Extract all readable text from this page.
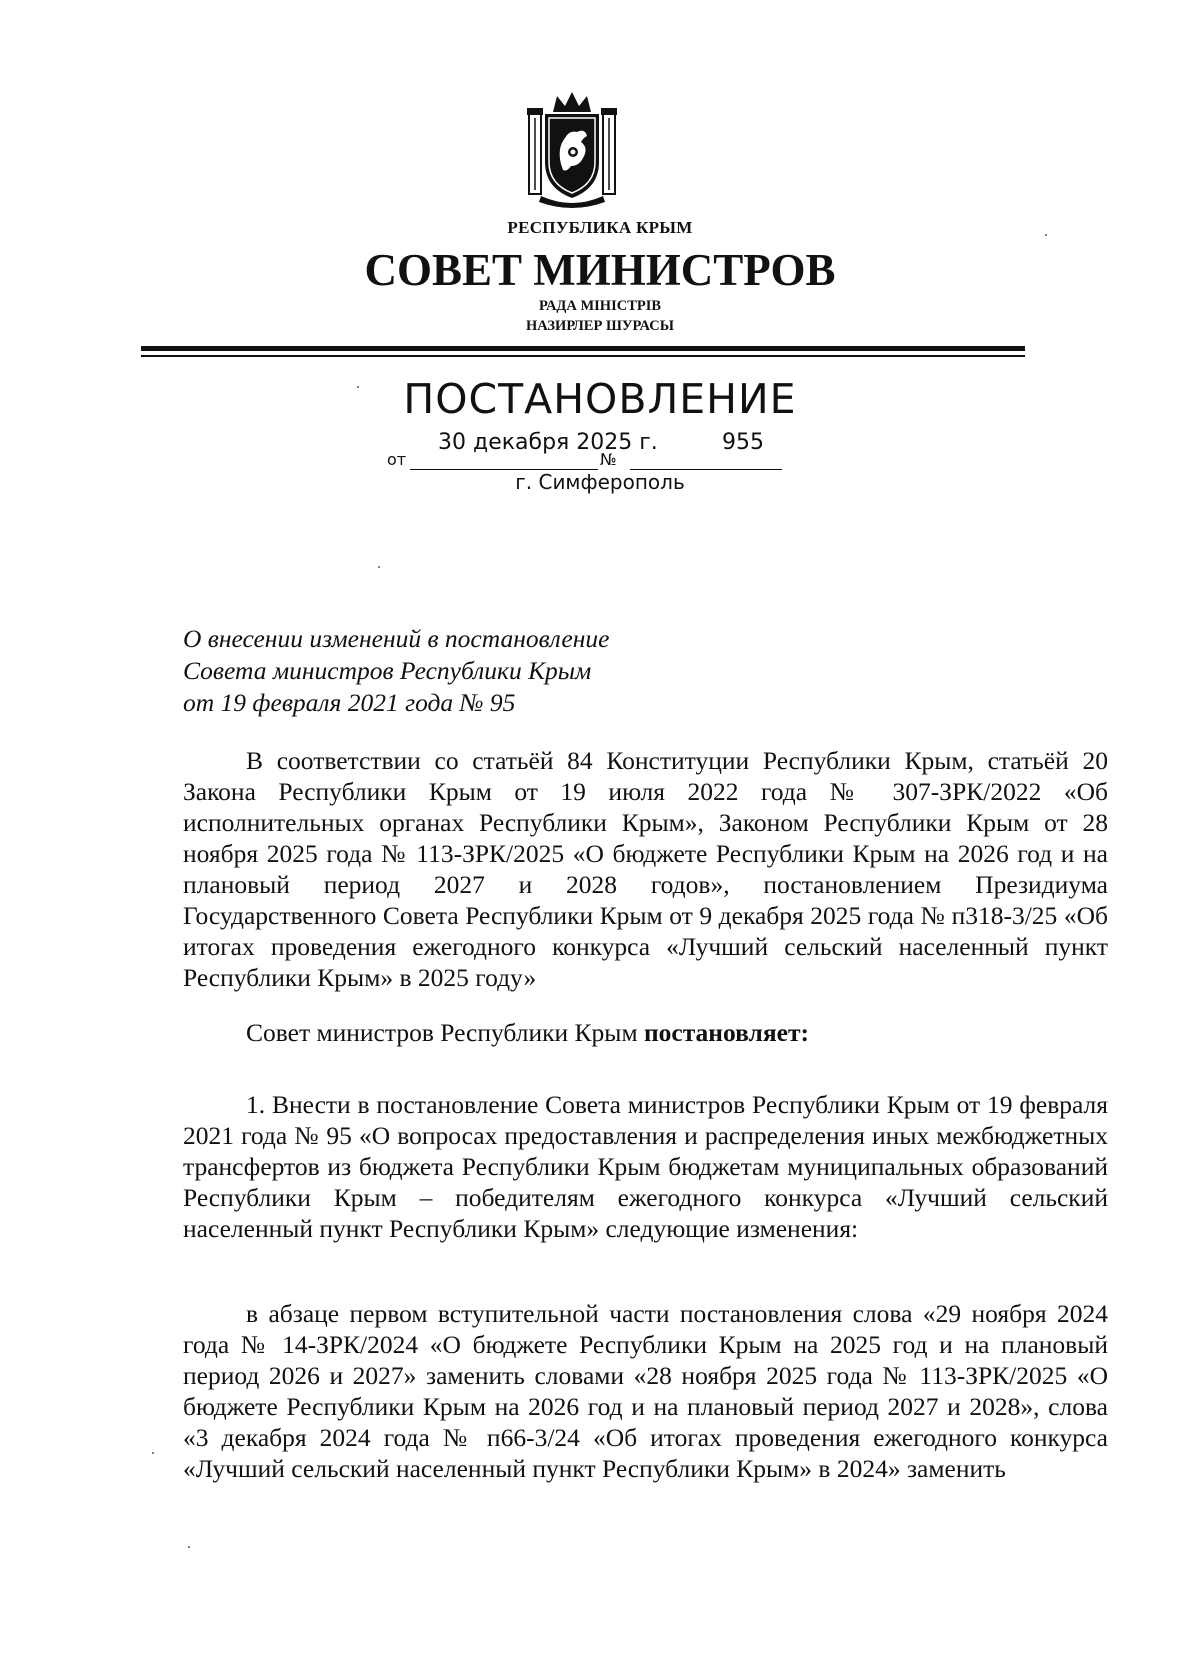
РЕСПУБЛИКА КРЫМ
СОВЕТ МИНИСТРОВ
РАДА МІНІСТРІВ
НАЗИРЛЕР ШУРАСЫ
ПОСТАНОВЛЕНИЕ
от
30 декабря 2025 г.
№
955
г. Симферополь
О внесении изменений в постановление
Совета министров Республики Крым
от 19 февраля 2021 года № 95
В соответствии со статьёй 84 Конституции Республики Крым, статьёй 20 Закона Республики Крым от 19 июля 2022 года № 307-ЗРК/2022 «Об исполнительных органах Республики Крым», Законом Республики Крым от 28 ноября 2025 года № 113-ЗРК/2025 «О бюджете Республики Крым на 2026 год и на плановый период 2027 и 2028 годов», постановлением Президиума Государственного Совета Республики Крым от 9 декабря 2025 года № п318-3/25 «Об итогах проведения ежегодного конкурса «Лучший сельский населенный пункт Республики Крым» в 2025 году»
Совет министров Республики Крым постановляет:
1. Внести в постановление Совета министров Республики Крым от 19 февраля 2021 года № 95 «О вопросах предоставления и распределения иных межбюджетных трансфертов из бюджета Республики Крым бюджетам муниципальных образований Республики Крым – победителям ежегодного конкурса «Лучший сельский населенный пункт Республики Крым» следующие изменения:
в абзаце первом вступительной части постановления слова «29 ноября 2024 года № 14-ЗРК/2024 «О бюджете Республики Крым на 2025 год и на плановый период 2026 и 2027» заменить словами «28 ноября 2025 года № 113-ЗРК/2025 «О бюджете Республики Крым на 2026 год и на плановый период 2027 и 2028», слова «3 декабря 2024 года № п66-3/24 «Об итогах проведения ежегодного конкурса «Лучший сельский населенный пункт Республики Крым» в 2024» заменить
